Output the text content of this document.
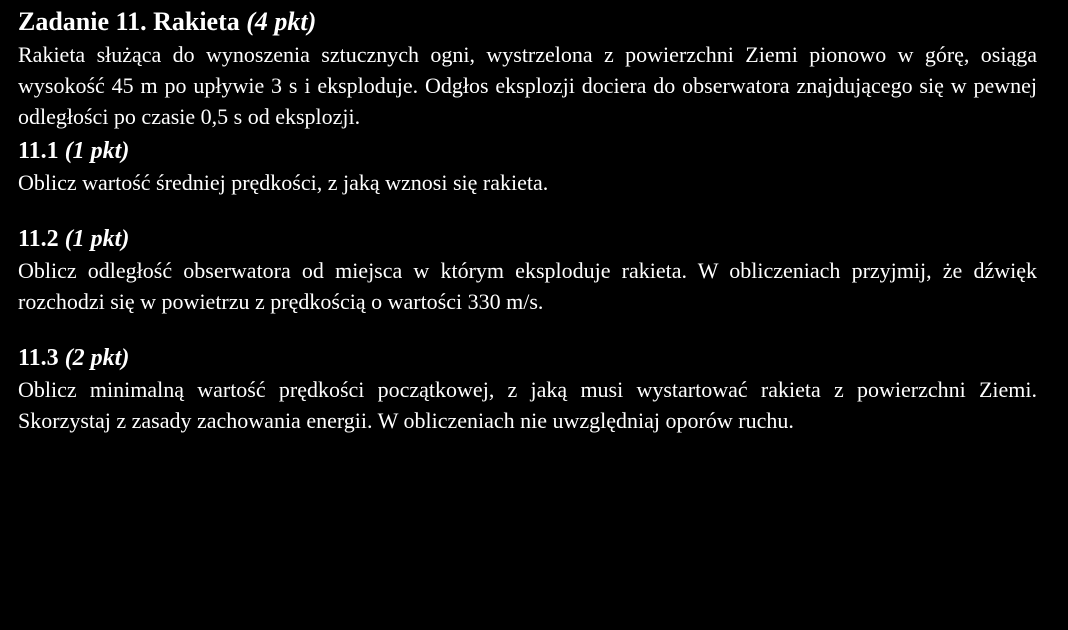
Zadanie 11. Rakieta (4 pkt)

Rakieta służąca do wynoszenia sztucznych ogni, wystrzelona z powierzchni Ziemi pionowo w górę, osiąga wysokość 45 m po upływie 3 s i eksploduje. Odgłos eksplozji dociera do obserwatora znajdującego się w pewnej odległości po czasie 0,5 s od eksplozji.

11.1 (1 pkt)

Oblicz wartość średniej prędkości, z jaką wznosi się rakieta.

11.2 (1 pkt)

Oblicz odległość obserwatora od miejsca w którym eksploduje rakieta. W obliczeniach przyjmij, że dźwięk rozchodzi się w powietrzu z prędkością o wartości 330 m/s.

11.3 (2 pkt)

Oblicz minimalną wartość prędkości początkowej, z jaką musi wystartować rakieta z powierzchni Ziemi. Skorzystaj z zasady zachowania energii. W obliczeniach nie uwzględniaj oporów ruchu.
